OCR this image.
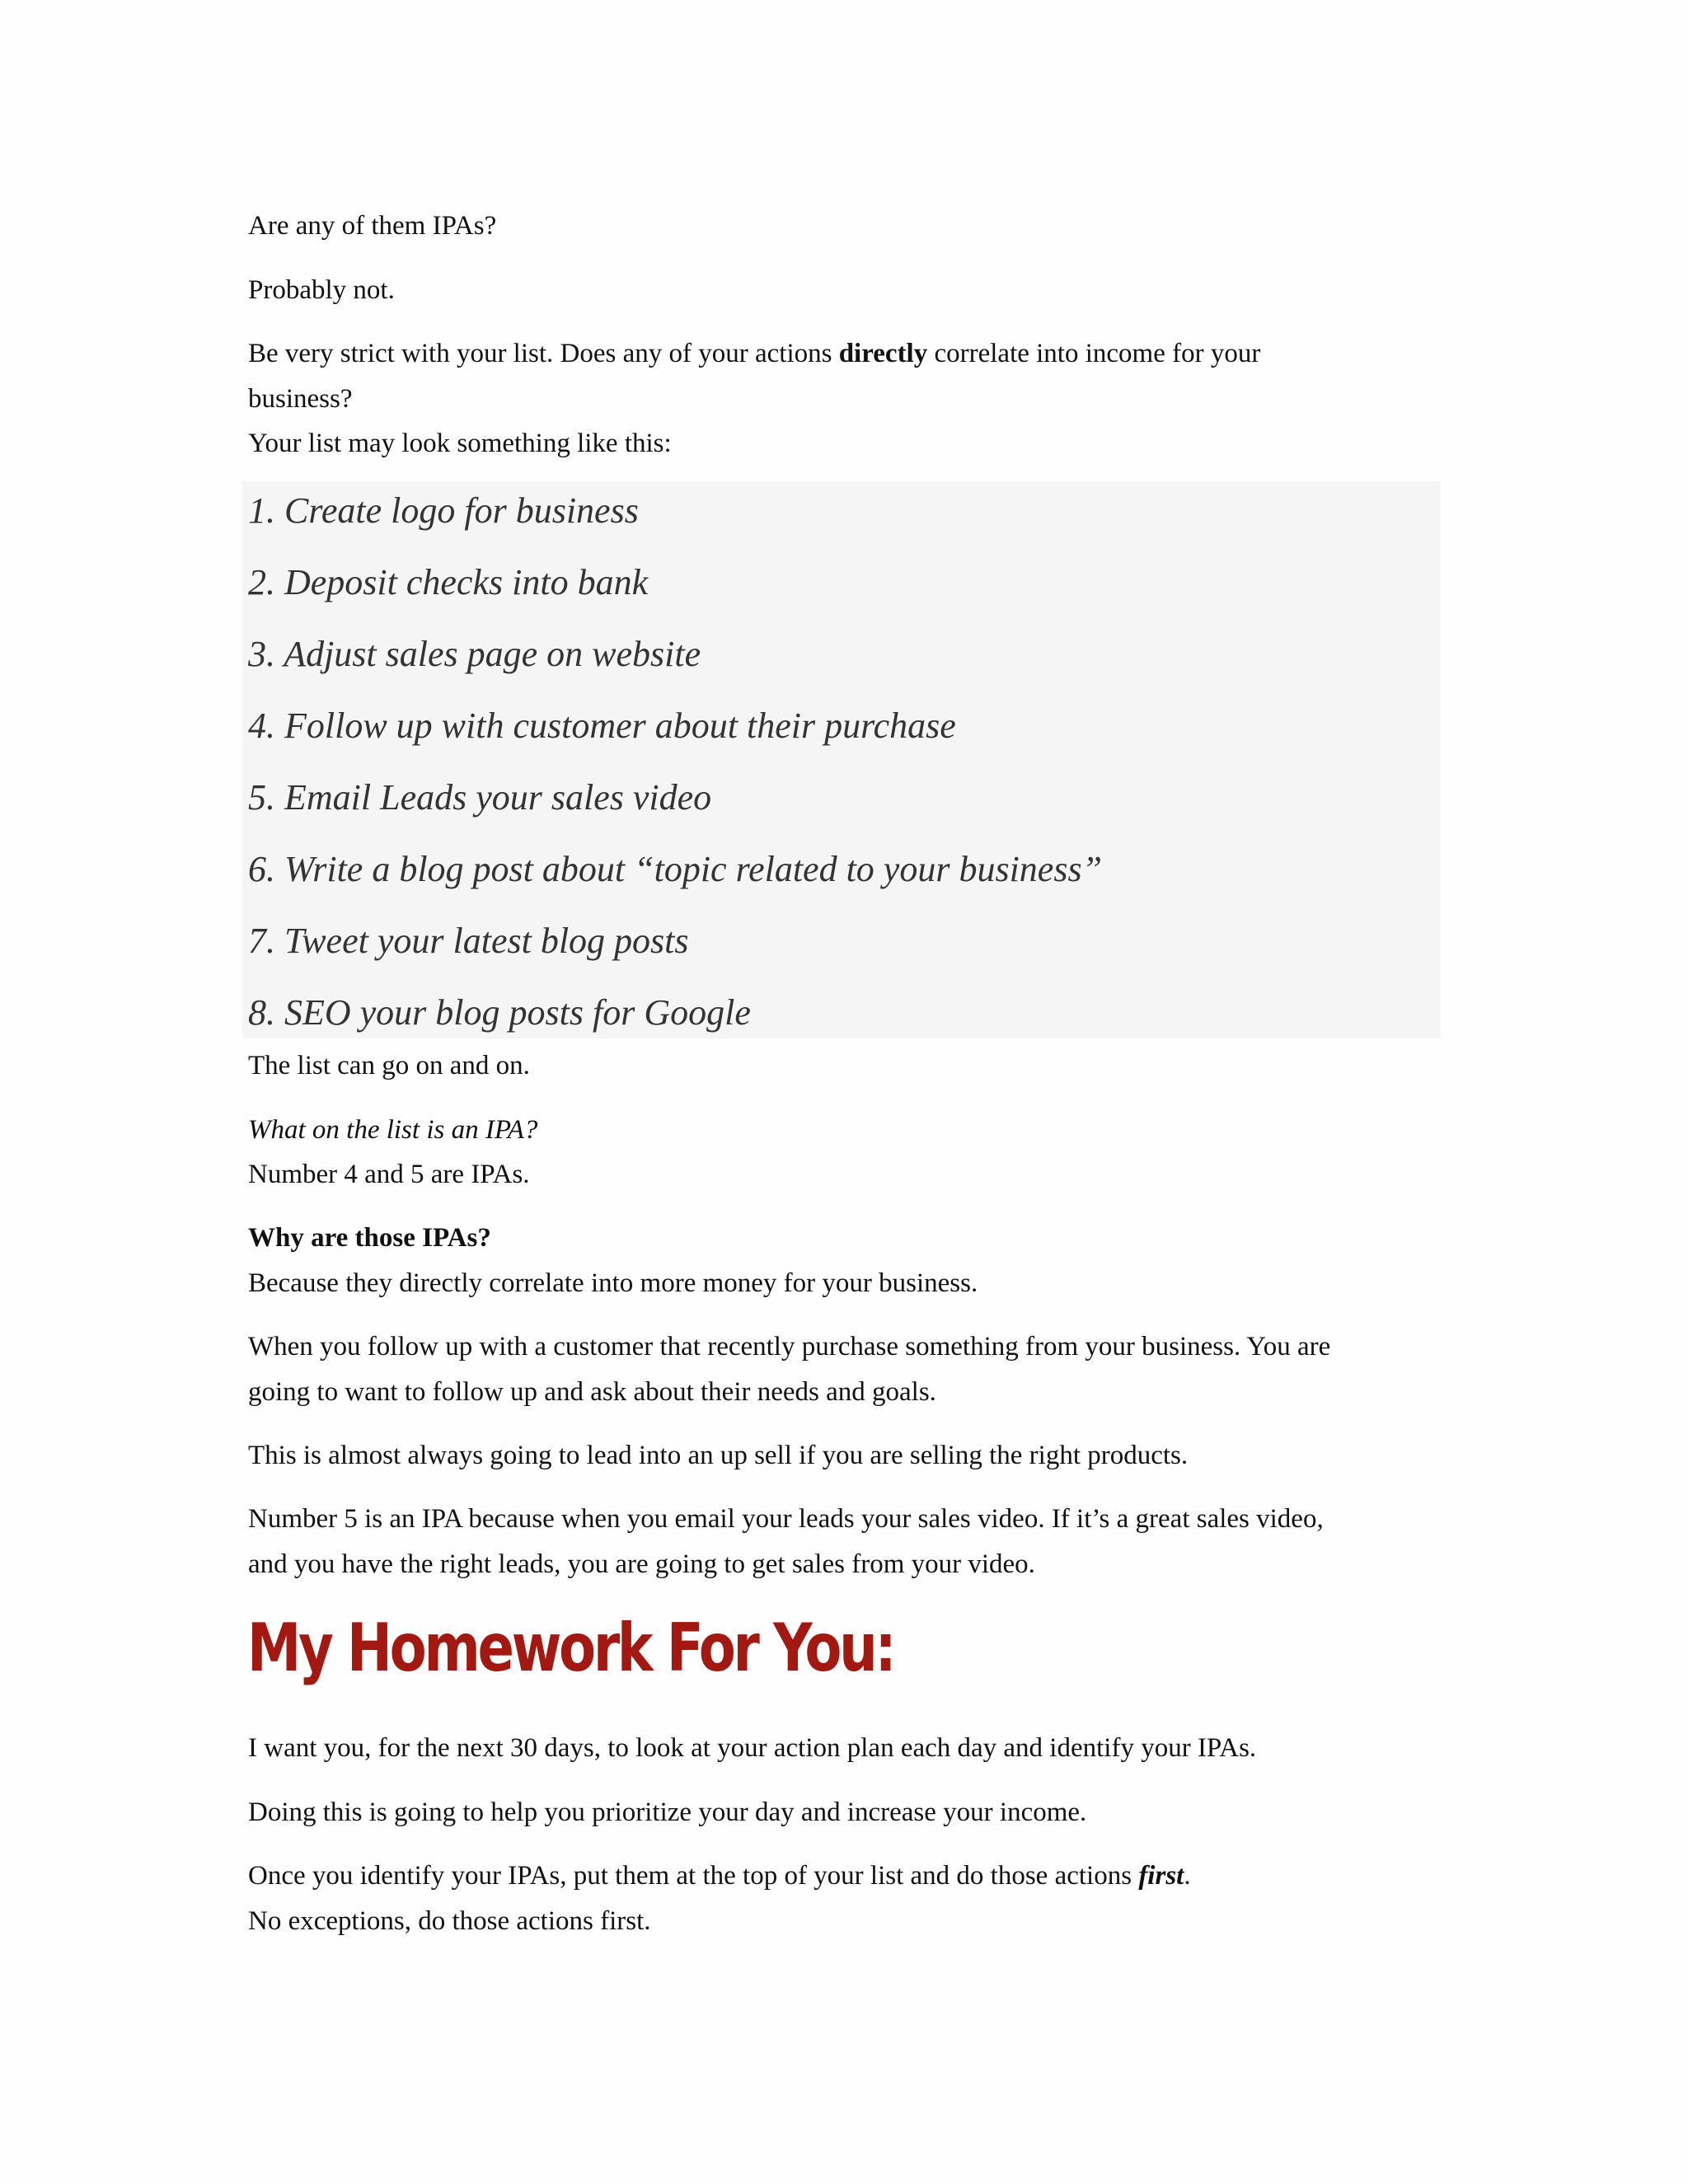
Are any of them IPAs?

Probably not.

Be very strict with your list. Does any of your actions directly correlate into income for your

business?

Your list may look something like this:

1. Create logo for business

2. Deposit checks into bank

3. Adjust sales page on website

4. Follow up with customer about their purchase

5. Email Leads your sales video

6. Write a blog post about “topic related to your business”

7. Tweet your latest blog posts

8. SEO your blog posts for Google

The list can go on and on.

What on the list is an IPA?

Number 4 and 5 are IPAs.

Why are those IPAs?

Because they directly correlate into more money for your business.

When you follow up with a customer that recently purchase something from your business. You are

going to want to follow up and ask about their needs and goals.

This is almost always going to lead into an up sell if you are selling the right products.

Number 5 is an IPA because when you email your leads your sales video. If it’s a great sales video,

and you have the right leads, you are going to get sales from your video.

My Homework For You:

I want you, for the next 30 days, to look at your action plan each day and identify your IPAs.

Doing this is going to help you prioritize your day and increase your income.

Once you identify your IPAs, put them at the top of your list and do those actions first.

No exceptions, do those actions first.
